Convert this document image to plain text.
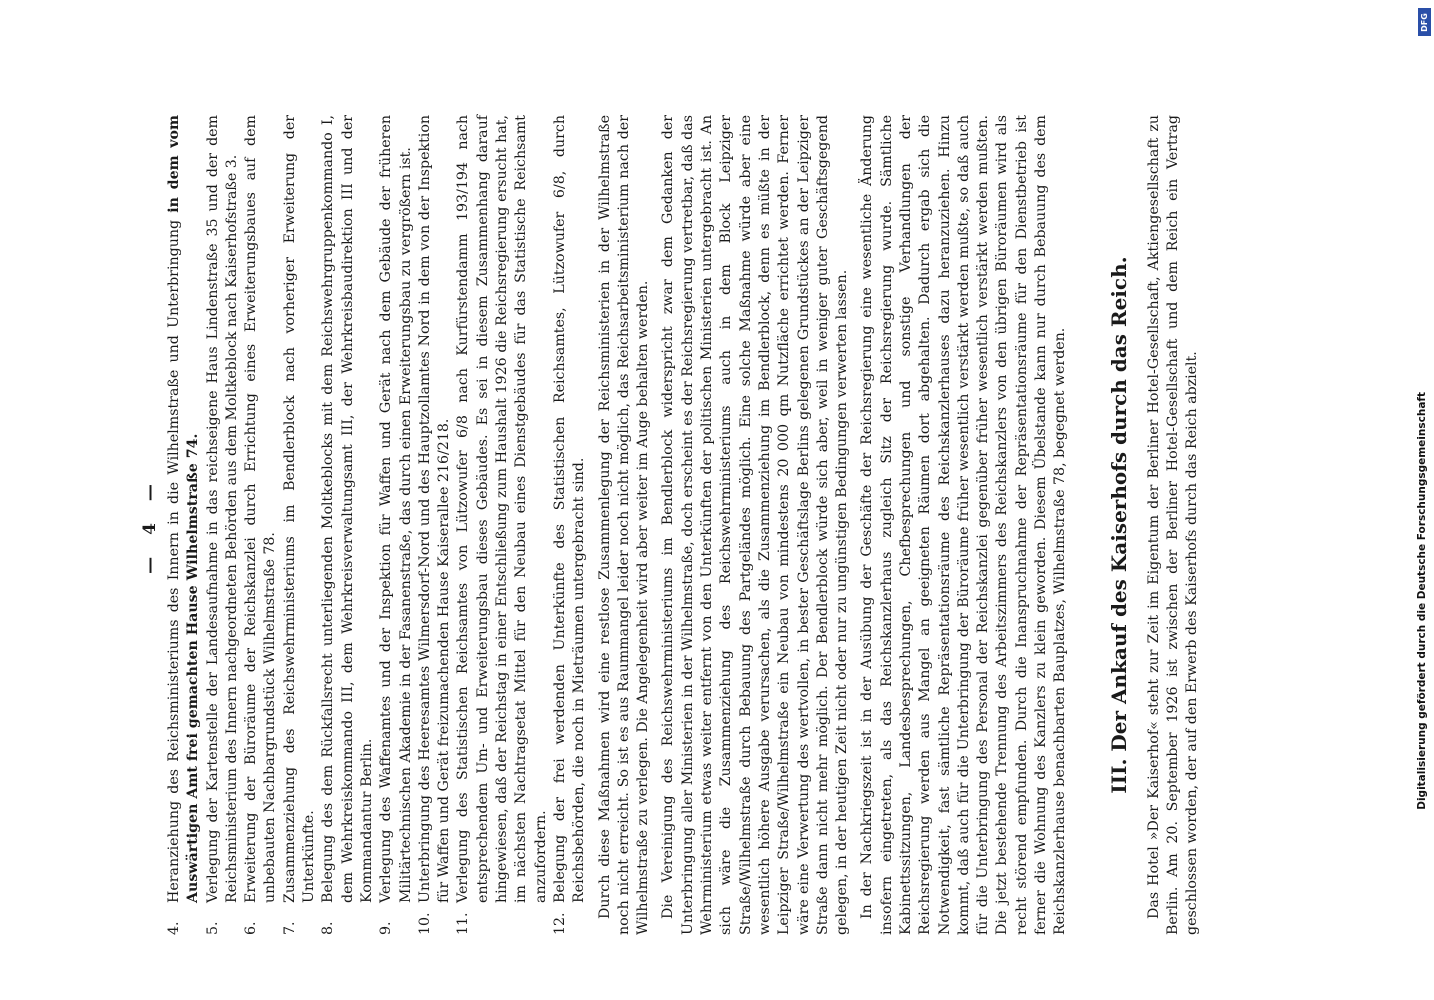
— 4 —
4.
Heranziehung des Reichsministeriums des Innern in die Wilhelmstraße und Unterbringung in dem vom Auswärtigen Amt frei gemachten Hause Wilhelmstraße 74.
5.
Verlegung der Kartenstelle der Landesaufnahme in das reichseigene Haus Lindenstraße 35 und der dem Reichsministerium des Innern nachgeordneten Behörden aus dem Moltkeblock nach Kaiserhofstraße 3.
6.
Erweiterung der Büroräume der Reichskanzlei durch Errichtung eines Erweiterungsbaues auf dem unbebauten Nachbargrundstück Wilhelmstraße 78.
7.
Zusammenziehung des Reichswehrministeriums im Bendlerblock nach vorheriger Erweiterung der Unterkünfte.
8.
Belegung des dem Rückfallsrecht unterliegenden Moltkeblocks mit dem Reichswehrgruppenkommando I, dem Wehrkreiskommando III, dem Wehrkreisverwaltungsamt III, der Wehrkreisbaudirektion III und der Kommandantur Berlin.
9.
Verlegung des Waffenamtes und der Inspektion für Waffen und Gerät nach dem Gebäude der früheren Militärtechnischen Akademie in der Fasanenstraße, das durch einen Erweiterungsbau zu vergrößern ist.
10.
Unterbringung des Heeresamtes Wilmersdorf-Nord und des Hauptzollamtes Nord in dem von der Inspektion für Waffen und Gerät freizumachenden Hause Kaiserallee 216/218.
11.
Verlegung des Statistischen Reichsamtes von Lützowufer 6/8 nach Kurfürstendamm 193/194 nach entsprechendem Um- und Erweiterungsbau dieses Gebäudes. Es sei in diesem Zusammenhang darauf hingewiesen, daß der Reichstag in einer Entschließung zum Haushalt 1926 die Reichsregierung ersucht hat, im nächsten Nachtragsetat Mittel für den Neubau eines Dienstgebäudes für das Statistische Reichsamt anzufordern.
12.
Belegung der frei werdenden Unterkünfte des Statistischen Reichsamtes, Lützowufer 6/8, durch Reichsbehörden, die noch in Mieträumen untergebracht sind. Durch diese Maßnahmen wird eine restlose Zusammenlegung der Reichsministerien in der Wilhelmstraße noch nicht erreicht. So ist es aus Raummangel leider noch nicht möglich, das Reichsarbeitsministerium nach der Wilhelmstraße zu verlegen. Die Angelegenheit wird aber weiter im Auge behalten werden. Die Vereinigung des Reichswehrministeriums im Bendlerblock widerspricht zwar dem Gedanken der Unterbringung aller Ministerien in der Wilhelmstraße, doch erscheint es der Reichsregierung vertretbar, daß das Wehrministerium etwas weiter entfernt von den Unterkünften der politischen Ministerien untergebracht ist. An sich wäre die Zusammenziehung des Reichswehrministeriums auch in dem Block Leipziger Straße/Wilhelmstraße durch Bebauung des Partgeländes möglich. Eine solche Maßnahme würde aber eine wesentlich höhere Ausgabe verursachen, als die Zusammenziehung im Bendlerblock, denn es müßte in der Leipziger Straße/Wilhelmstraße ein Neubau von mindestens 20 000 qm Nutzfläche errichtet werden. Ferner wäre eine Verwertung des wertvollen, in bester Geschäftslage Berlins gelegenen Grundstückes an der Leipziger Straße dann nicht mehr möglich. Der Bendlerblock würde sich aber, weil in weniger guter Geschäftsgegend gelegen, in der heutigen Zeit nicht oder nur zu ungünstigen Bedingungen verwerten lassen. In der Nachkriegszeit ist in der Ausübung der Geschäfte der Reichsregierung eine wesentliche Änderung insofern eingetreten, als das Reichskanzlerhaus zugleich Sitz der Reichsregierung wurde. Sämtliche Kabinettssitzungen, Landesbesprechungen, Chefbesprechungen und sonstige Verhandlungen der Reichsregierung werden aus Mangel an geeigneten Räumen dort abgehalten. Dadurch ergab sich die Notwendigkeit, fast sämtliche Repräsentationsräume des Reichskanzlerhauses dazu heranzuziehen. Hinzu kommt, daß auch für die Unterbringung der Büroräume früher wesentlich verstärkt werden mußte, so daß auch für die Unterbringung des Personal der Reichskanzlei gegenüber früher wesentlich verstärkt werden mußten. Die jetzt bestehende Trennung des Arbeitszimmers des Reichskanzlers von den übrigen Büroräumen wird als recht störend empfunden. Durch die Inanspruchnahme der Repräsentationsräume für den Dienstbetrieb ist ferner die Wohnung des Kanzlers zu klein geworden. Diesem Übelstande kann nur durch Bebauung des dem Reichskanzlerhause benachbarten Bauplatzes, Wilhelmstraße 78, begegnet werden.	III. Der Ankauf des Kaiserhofs durch das Reich.	Das Hotel »Der Kaiserhof« steht zur Zeit im Eigentum der Berliner Hotel-Gesellschaft, Aktiengesellschaft zu Berlin. Am 20. September 1926 ist zwischen der Berliner Hotel-Gesellschaft und dem Reich ein Vertrag geschlossen worden, der auf den Erwerb des Kaiserhofs durch das Reich abzielt.

DFG
Digitalisierung gefördert durch die Deutsche Forschungsgemeinschaft
